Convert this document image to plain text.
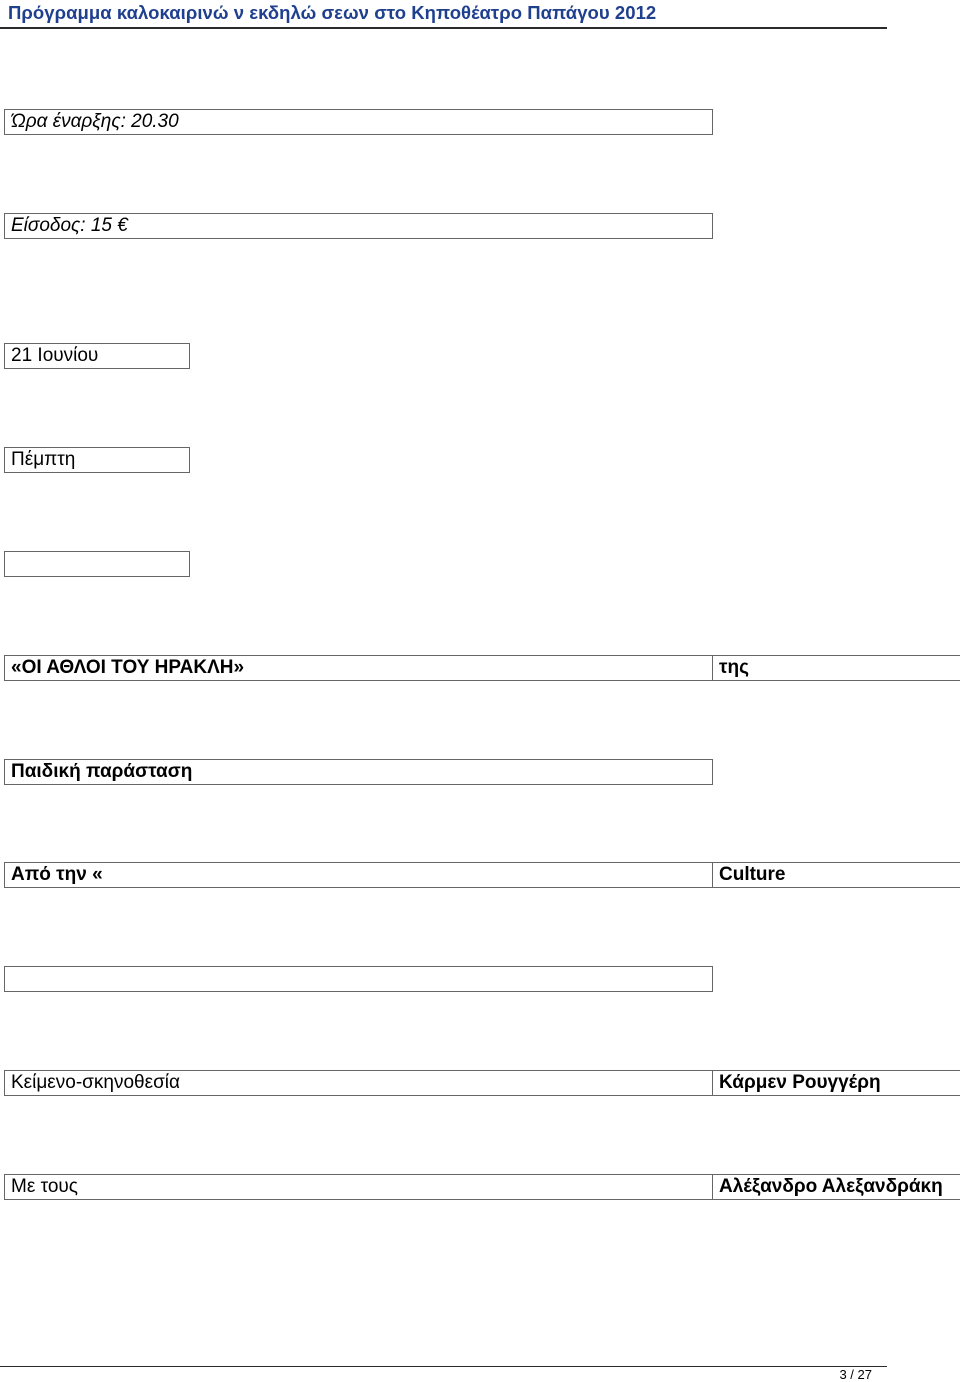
Πρόγραμμα καλοκαιρινώ ν εκδηλώ σεων στο Κηποθέατρο Παπάγου 2012
Ώρα έναρξης: 20.30
Είσοδος: 15 €
21 Ιουνίου
Πέμπτη
«ΟΙ ΑΘΛΟΙ ΤΟΥ ΗΡΑΚΛΗ»	της
Παιδική παράσταση
Από την «	Culture
Κείμενο-σκηνοθεσία	Κάρμεν Ρουγγέρη
Με τους	Αλέξανδρο Αλεξανδράκη
3 / 27
